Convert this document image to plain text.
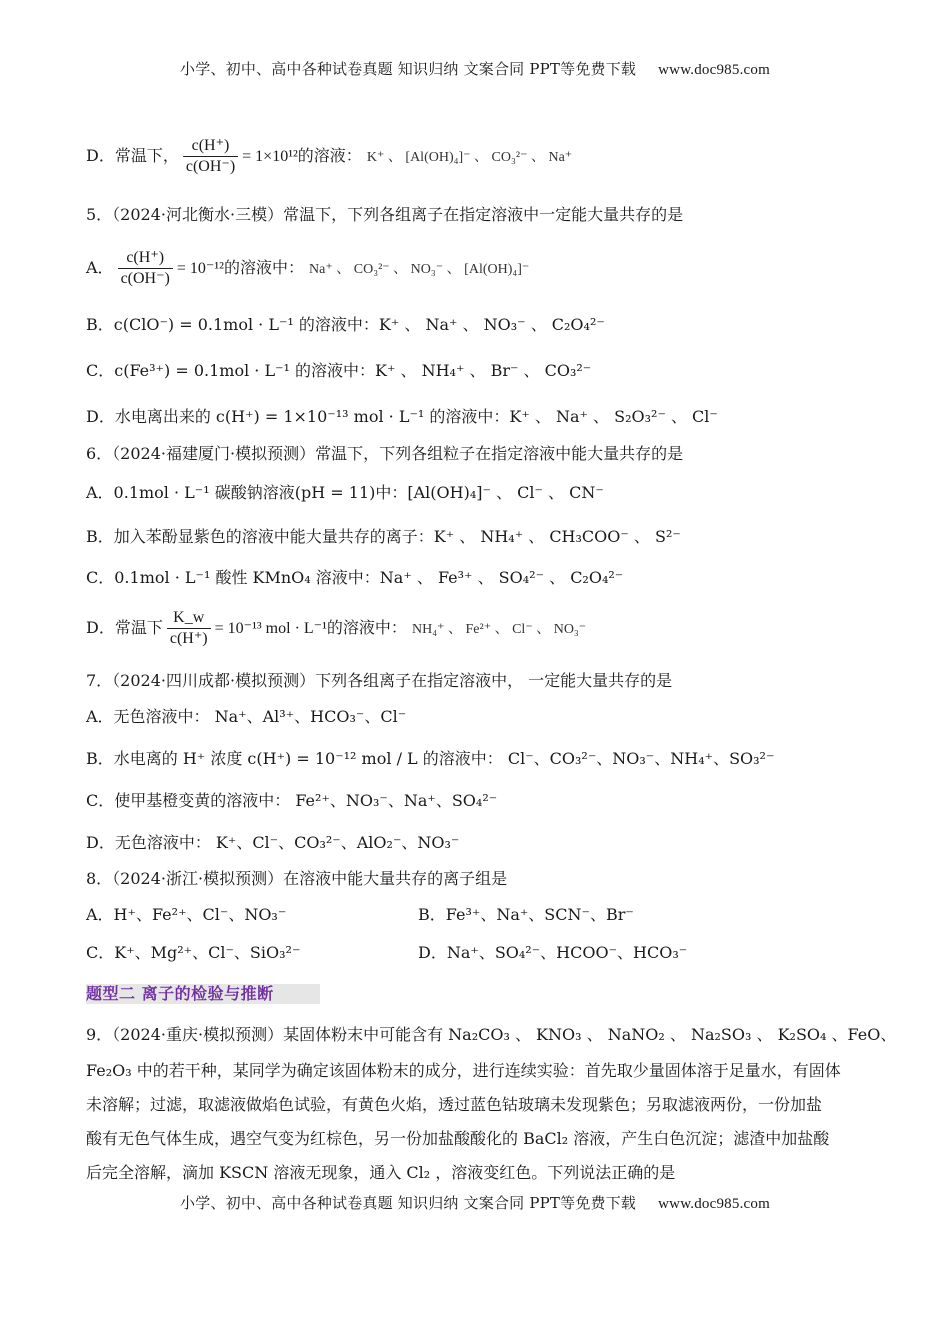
小学、初中、高中各种试卷真题 知识归纳 文案合同 PPT等免费下载 www.doc985.com
D．常温下， $\frac{c(H^+)}{c(OH^-)} = 1\times 10^{12}$的溶液： K⁺ 、 [Al(OH)₄]⁻ 、 CO₃²⁻ 、 Na⁺
5．（2024·河北衡水·三模）常温下，下列各组离子在指定溶液中一定能大量共存的是
A． $\frac{c(H^+)}{c(OH^-)} = 10^{-12}$的溶液中： Na⁺ 、 CO₃²⁻ 、 NO₃⁻ 、 [Al(OH)₄]⁻
B．c(ClO⁻) = 0.1mol · L⁻¹ 的溶液中：K⁺ 、 Na⁺ 、 NO₃⁻ 、 C₂O₄²⁻
C．c(Fe³⁺) = 0.1mol · L⁻¹ 的溶液中：K⁺ 、 NH₄⁺ 、 Br⁻ 、 CO₃²⁻
D．水电离出来的 c(H⁺) = 1×10⁻¹³ mol · L⁻¹ 的溶液中：K⁺ 、 Na⁺ 、 S₂O₃²⁻ 、 Cl⁻
6．（2024·福建厦门·模拟预测）常温下，下列各组粒子在指定溶液中能大量共存的是
A．0.1mol · L⁻¹ 碳酸钠溶液(pH = 11)中：[Al(OH)₄]⁻ 、 Cl⁻ 、 CN⁻
B．加入苯酚显紫色的溶液中能大量共存的离子：K⁺ 、 NH₄⁺ 、 CH₃COO⁻ 、 S²⁻
C．0.1mol · L⁻¹ 酸性 KMnO₄ 溶液中：Na⁺ 、 Fe³⁺ 、 SO₄²⁻ 、 C₂O₄²⁻
D．常温下 $\frac{K\_w}{c(H^+)} = 10^{-13}$ mol · L⁻¹的溶液中： NH₄⁺ 、 Fe²⁺ 、 Cl⁻ 、 NO₃⁻
7．（2024·四川成都·模拟预测）下列各组离子在指定溶液中， 一定能大量共存的是
A．无色溶液中： Na⁺、Al³⁺、HCO₃⁻、Cl⁻
B．水电离的 H⁺ 浓度 c(H⁺) = 10⁻¹² mol / L 的溶液中： Cl⁻、CO₃²⁻、NO₃⁻、NH₄⁺、SO₃²⁻
C．使甲基橙变黄的溶液中： Fe²⁺、NO₃⁻、Na⁺、SO₄²⁻
D．无色溶液中： K⁺、Cl⁻、CO₃²⁻、AlO₂⁻、NO₃⁻
8．（2024·浙江·模拟预测）在溶液中能大量共存的离子组是
A．H⁺、Fe²⁺、Cl⁻、NO₃⁻	B．Fe³⁺、Na⁺、SCN⁻、Br⁻
C．K⁺、Mg²⁺、Cl⁻、SiO₃²⁻	D．Na⁺、SO₄²⁻、HCOO⁻、HCO₃⁻
题型二 离子的检验与推断
9．（2024·重庆·模拟预测）某固体粉末中可能含有 Na₂CO₃ 、 KNO₃ 、 NaNO₂ 、 Na₂SO₃ 、 K₂SO₄ 、FeO、
Fe₂O₃ 中的若干种，某同学为确定该固体粉末的成分，进行连续实验：首先取少量固体溶于足量水，有固体
未溶解；过滤，取滤液做焰色试验，有黄色火焰，透过蓝色钴玻璃未发现紫色；另取滤液两份，一份加盐
酸有无色气体生成，遇空气变为红棕色，另一份加盐酸酸化的 BaCl₂ 溶液，产生白色沉淀；滤渣中加盐酸
后完全溶解，滴加 KSCN 溶液无现象，通入 Cl₂ ，溶液变红色。下列说法正确的是
小学、初中、高中各种试卷真题 知识归纳 文案合同 PPT等免费下载 www.doc985.com
